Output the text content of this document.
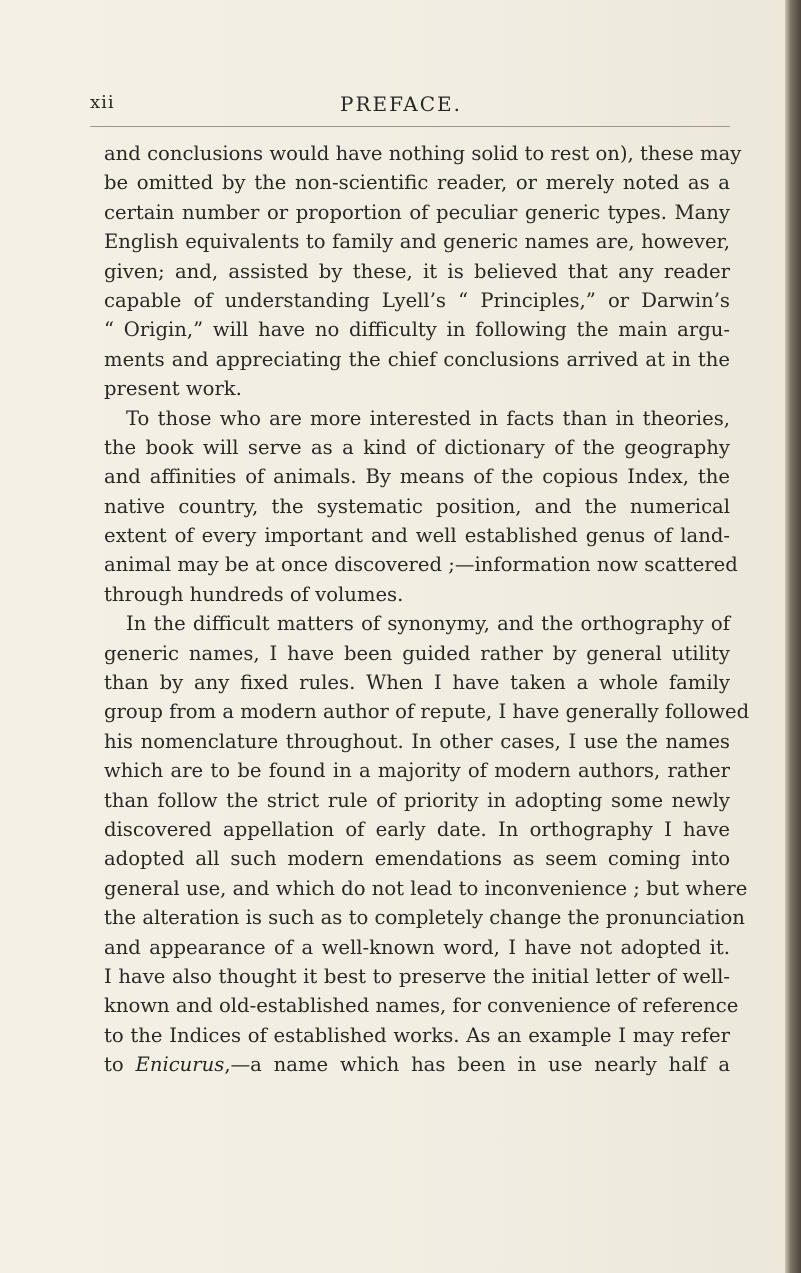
xii	PREFACE.
and conclusions would have nothing solid to rest on), these may
be omitted by the non-scientific reader, or merely noted as a
certain number or proportion of peculiar generic types. Many
English equivalents to family and generic names are, however,
given; and, assisted by these, it is believed that any reader
capable of understanding Lyell’s “ Principles,” or Darwin’s
“ Origin,” will have no difficulty in following the main argu-
ments and appreciating the chief conclusions arrived at in the
present work.
To those who are more interested in facts than in theories,
the book will serve as a kind of dictionary of the geography
and affinities of animals. By means of the copious Index, the
native country, the systematic position, and the numerical
extent of every important and well established genus of land-
animal may be at once discovered ;—information now scattered
through hundreds of volumes.
In the difficult matters of synonymy, and the orthography of
generic names, I have been guided rather by general utility
than by any fixed rules. When I have taken a whole family
group from a modern author of repute, I have generally followed
his nomenclature throughout. In other cases, I use the names
which are to be found in a majority of modern authors, rather
than follow the strict rule of priority in adopting some newly
discovered appellation of early date. In orthography I have
adopted all such modern emendations as seem coming into
general use, and which do not lead to inconvenience ; but where
the alteration is such as to completely change the pronunciation
and appearance of a well-known word, I have not adopted it.
I have also thought it best to preserve the initial letter of well-
known and old-established names, for convenience of reference
to the Indices of established works. As an example I may refer
to Enicurus,—a name which has been in use nearly half a
